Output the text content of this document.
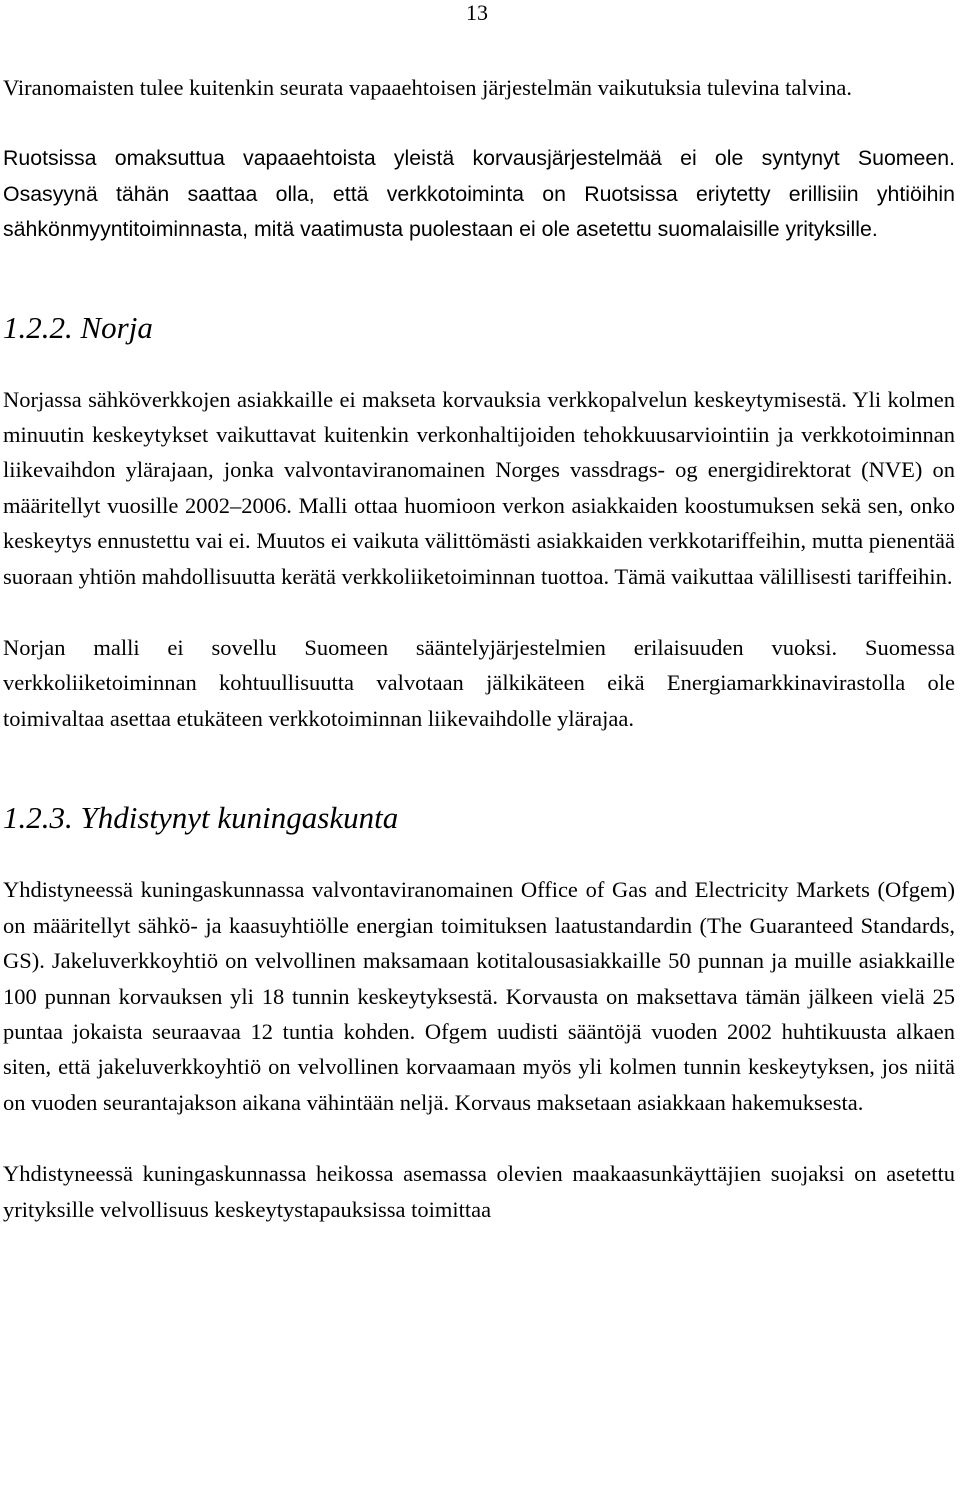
13

Viranomaisten tulee kuitenkin seurata vapaaehtoisen järjestelmän vaikutuksia tulevina talvina.

Ruotsissa omaksuttua vapaaehtoista yleistä korvausjärjestelmää ei ole syntynyt Suomeen. Osasyynä tähän saattaa olla, että verkkotoiminta on Ruotsissa eriytetty erillisiin yhtiöihin sähkönmyyntitoiminnasta, mitä vaatimusta puolestaan ei ole asetettu suomalaisille yrityksille.

1.2.2. Norja

Norjassa sähköverkkojen asiakkaille ei makseta korvauksia verkkopalvelun keskeytymisestä. Yli kolmen minuutin keskeytykset vaikuttavat kuitenkin verkonhaltijoiden tehokkuusarviointiin ja verkkotoiminnan liikevaihdon ylärajaan, jonka valvontaviranomainen Norges vassdrags- og energidirektorat (NVE) on määritellyt vuosille 2002–2006. Malli ottaa huomioon verkon asiakkaiden koostumuksen sekä sen, onko keskeytys ennustettu vai ei. Muutos ei vaikuta välittömästi asiakkaiden verkkotariffeihin, mutta pienentää suoraan yhtiön mahdollisuutta kerätä verkkoliiketoiminnan tuottoa. Tämä vaikuttaa välillisesti tariffeihin.

Norjan malli ei sovellu Suomeen sääntelyjärjestelmien erilaisuuden vuoksi. Suomessa verkkoliiketoiminnan kohtuullisuutta valvotaan jälkikäteen eikä Energiamarkkinavirastolla ole toimivaltaa asettaa etukäteen verkkotoiminnan liikevaihdolle ylärajaa.

1.2.3. Yhdistynyt kuningaskunta

Yhdistyneessä kuningaskunnassa valvontaviranomainen Office of Gas and Electricity Markets (Ofgem) on määritellyt sähkö- ja kaasuyhtiölle energian toimituksen laatustandardin (The Guaranteed Standards, GS). Jakeluverkkoyhtiö on velvollinen maksamaan kotitalousasiakkaille 50 punnan ja muille asiakkaille 100 punnan korvauksen yli 18 tunnin keskeytyksestä. Korvausta on maksettava tämän jälkeen vielä 25 puntaa jokaista seuraavaa 12 tuntia kohden. Ofgem uudisti sääntöjä vuoden 2002 huhtikuusta alkaen siten, että jakeluverkkoyhtiö on velvollinen korvaamaan myös yli kolmen tunnin keskeytyksen, jos niitä on vuoden seurantajakson aikana vähintään neljä. Korvaus maksetaan asiakkaan hakemuksesta.

Yhdistyneessä kuningaskunnassa heikossa asemassa olevien maakaasunkäyttäjien suojaksi on asetettu yrityksille velvollisuus keskeytystapauksissa toimittaa
